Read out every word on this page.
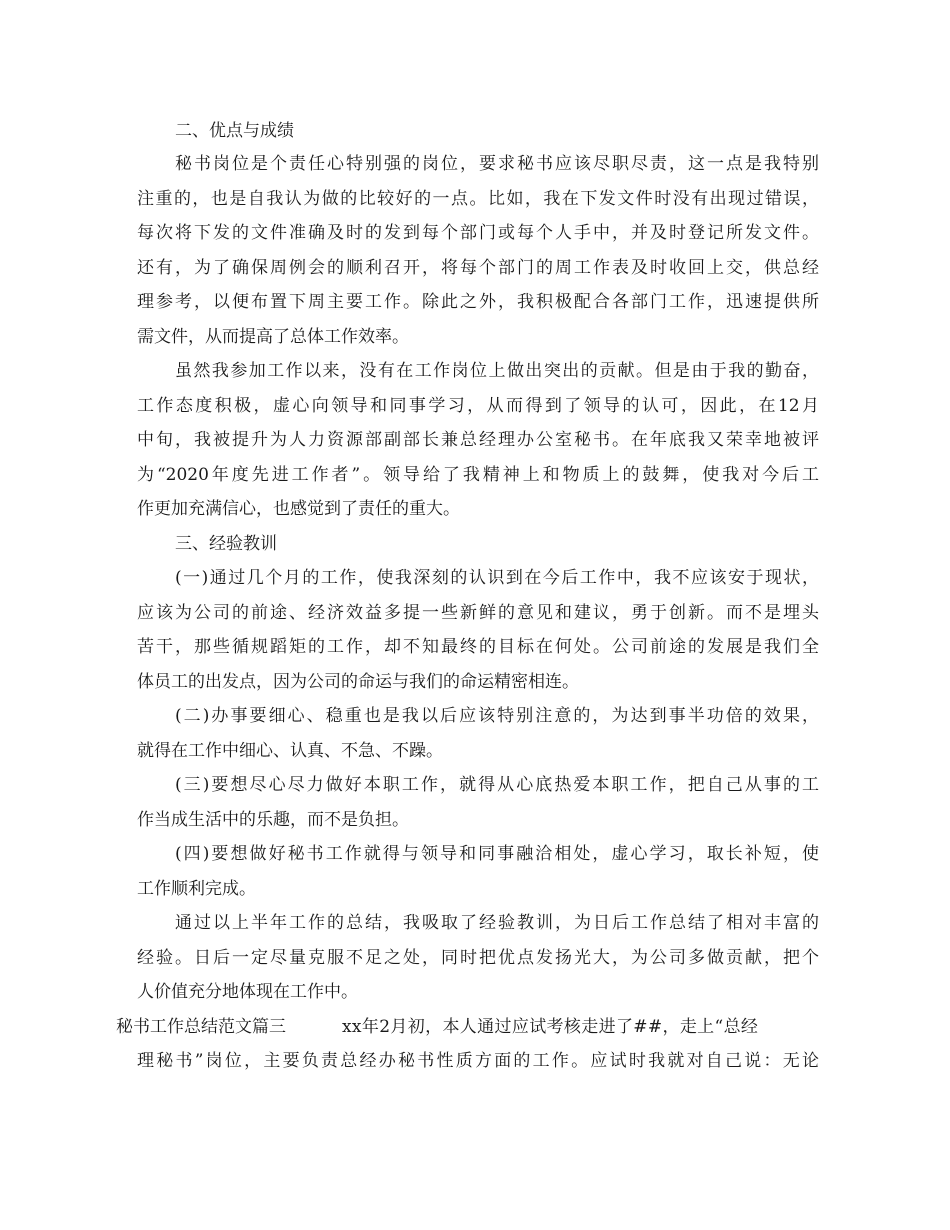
二、优点与成绩

秘书岗位是个责任心特别强的岗位，要求秘书应该尽职尽责，这一点是我特别

注重的，也是自我认为做的比较好的一点。比如，我在下发文件时没有出现过错误，

每次将下发的文件准确及时的发到每个部门或每个人手中，并及时登记所发文件。

还有，为了确保周例会的顺利召开，将每个部门的周工作表及时收回上交，供总经

理参考，以便布置下周主要工作。除此之外，我积极配合各部门工作，迅速提供所

需文件，从而提高了总体工作效率。

虽然我参加工作以来，没有在工作岗位上做出突出的贡献。但是由于我的勤奋，

工作态度积极，虚心向领导和同事学习，从而得到了领导的认可，因此，在12月

中旬，我被提升为人力资源部副部长兼总经理办公室秘书。在年底我又荣幸地被评

为“2020年度先进工作者”。领导给了我精神上和物质上的鼓舞，使我对今后工

作更加充满信心，也感觉到了责任的重大。

三、经验教训

(一)通过几个月的工作，使我深刻的认识到在今后工作中，我不应该安于现状，

应该为公司的前途、经济效益多提一些新鲜的意见和建议，勇于创新。而不是埋头

苦干，那些循规蹈矩的工作，却不知最终的目标在何处。公司前途的发展是我们全

体员工的出发点，因为公司的命运与我们的命运精密相连。

(二)办事要细心、稳重也是我以后应该特别注意的，为达到事半功倍的效果，

就得在工作中细心、认真、不急、不躁。

(三)要想尽心尽力做好本职工作，就得从心底热爱本职工作，把自己从事的工

作当成生活中的乐趣，而不是负担。

(四)要想做好秘书工作就得与领导和同事融洽相处，虚心学习，取长补短，使

工作顺利完成。

通过以上半年工作的总结，我吸取了经验教训，为日后工作总结了相对丰富的

经验。日后一定尽量克服不足之处，同时把优点发扬光大，为公司多做贡献，把个

人价值充分地体现在工作中。

秘书工作总结范文篇三	xx年2月初，本人通过应试考核走进了##，走上“总经

理秘书”岗位，主要负责总经办秘书性质方面的工作。应试时我就对自己说：无论
